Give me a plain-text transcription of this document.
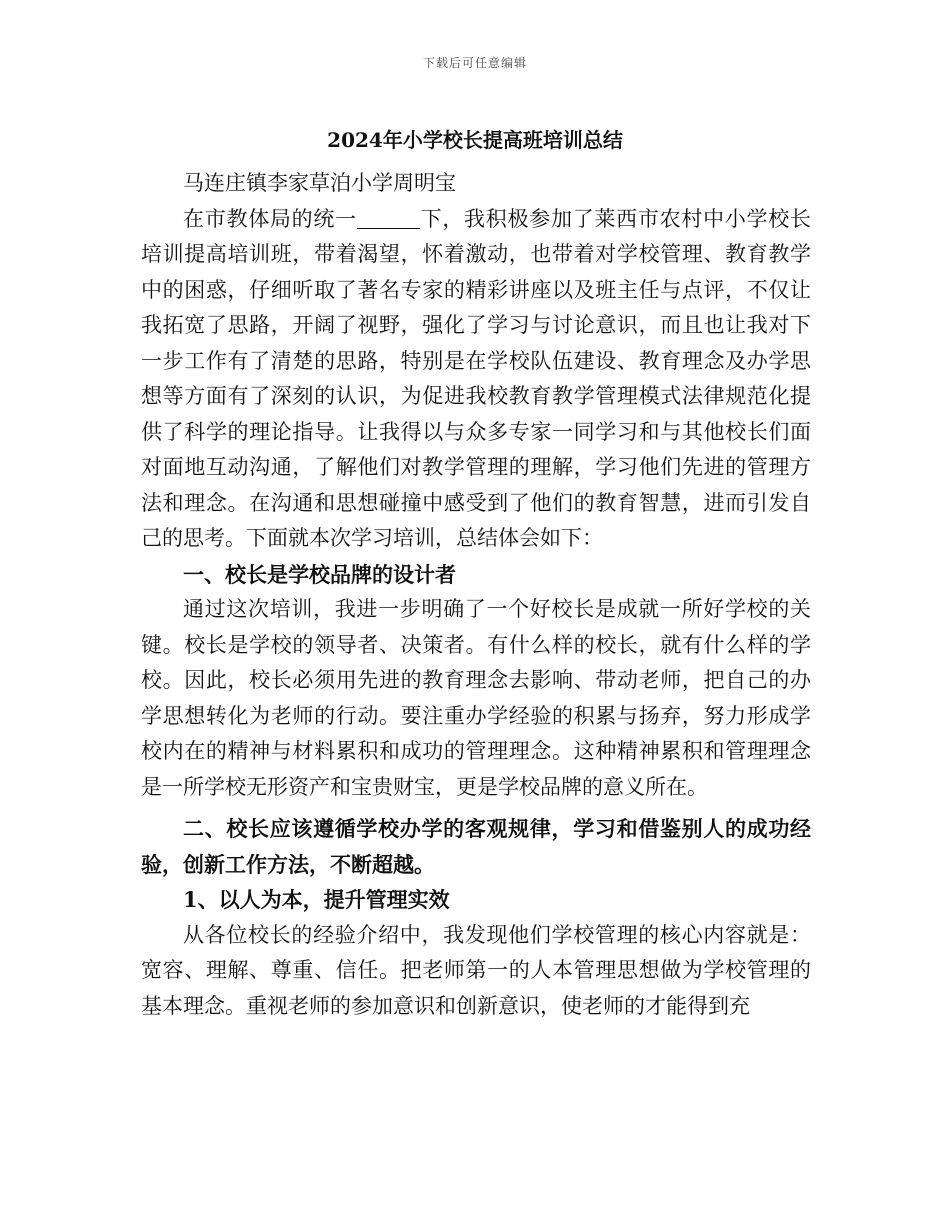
下载后可任意编辑
2024年小学校长提高班培训总结

马连庄镇李家草泊小学周明宝

在市教体局的统一	下，我积极参加了莱西市农村中小学校长培训提高培训班，带着渴望，怀着激动，也带着对学校管理、教育教学中的困惑，仔细听取了著名专家的精彩讲座以及班主任与点评，不仅让我拓宽了思路，开阔了视野，强化了学习与讨论意识，而且也让我对下一步工作有了清楚的思路，特别是在学校队伍建设、教育理念及办学思想等方面有了深刻的认识，为促进我校教育教学管理模式法律规范化提供了科学的理论指导。让我得以与众多专家一同学习和与其他校长们面对面地互动沟通，了解他们对教学管理的理解，学习他们先进的管理方法和理念。在沟通和思想碰撞中感受到了他们的教育智慧，进而引发自己的思考。下面就本次学习培训，总结体会如下：

一、校长是学校品牌的设计者

通过这次培训，我进一步明确了一个好校长是成就一所好学校的关键。校长是学校的领导者、决策者。有什么样的校长，就有什么样的学校。因此，校长必须用先进的教育理念去影响、带动老师，把自己的办学思想转化为老师的行动。要注重办学经验的积累与扬弃，努力形成学校内在的精神与材料累积和成功的管理理念。这种精神累积和管理理念是一所学校无形资产和宝贵财宝，更是学校品牌的意义所在。

二、校长应该遵循学校办学的客观规律，学习和借鉴别人的成功经验，创新工作方法，不断超越。

1、以人为本，提升管理实效

从各位校长的经验介绍中，我发现他们学校管理的核心内容就是：宽容、理解、尊重、信任。把老师第一的人本管理思想做为学校管理的基本理念。重视老师的参加意识和创新意识，使老师的才能得到充
